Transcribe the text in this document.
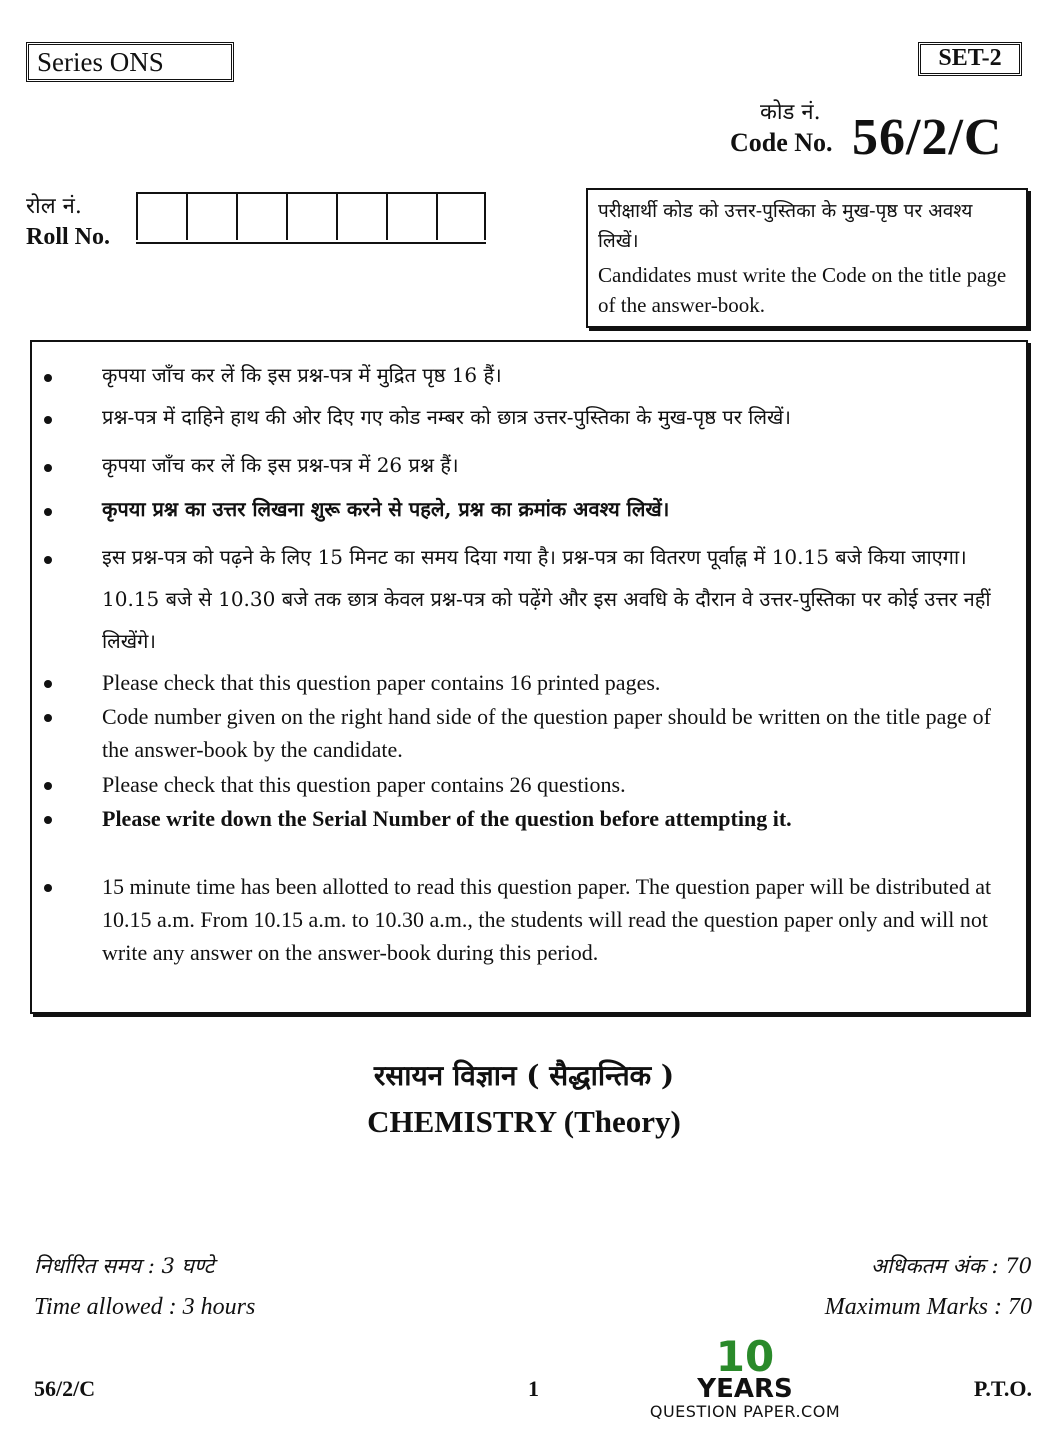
Series ONS	SET-2
कोड नं.
Code No. 56/2/C
रोल नं.
Roll No.
परीक्षार्थी कोड को उत्तर-पुस्तिका के मुख-पृष्ठ पर अवश्य लिखें।
Candidates must write the Code on the title page of the answer-book.
कृपया जाँच कर लें कि इस प्रश्न-पत्र में मुद्रित पृष्ठ 16 हैं।
प्रश्न-पत्र में दाहिने हाथ की ओर दिए गए कोड नम्बर को छात्र उत्तर-पुस्तिका के मुख-पृष्ठ पर लिखें।
कृपया जाँच कर लें कि इस प्रश्न-पत्र में 26 प्रश्न हैं।
कृपया प्रश्न का उत्तर लिखना शुरू करने से पहले, प्रश्न का क्रमांक अवश्य लिखें।
इस प्रश्न-पत्र को पढ़ने के लिए 15 मिनट का समय दिया गया है। प्रश्न-पत्र का वितरण पूर्वाह्न में 10.15 बजे किया जाएगा। 10.15 बजे से 10.30 बजे तक छात्र केवल प्रश्न-पत्र को पढ़ेंगे और इस अवधि के दौरान वे उत्तर-पुस्तिका पर कोई उत्तर नहीं लिखेंगे।
Please check that this question paper contains 16 printed pages.
Code number given on the right hand side of the question paper should be written on the title page of the answer-book by the candidate.
Please check that this question paper contains 26 questions.
Please write down the Serial Number of the question before attempting it.
15 minute time has been allotted to read this question paper. The question paper will be distributed at 10.15 a.m. From 10.15 a.m. to 10.30 a.m., the students will read the question paper only and will not write any answer on the answer-book during this period.
रसायन विज्ञान ( सैद्धान्तिक )
CHEMISTRY (Theory)
निर्धारित समय : 3 घण्टे
Time allowed : 3 hours
अधिकतम अंक : 70
Maximum Marks : 70
56/2/C	1	P.T.O.
10
YEARS
QUESTION PAPER.COM
